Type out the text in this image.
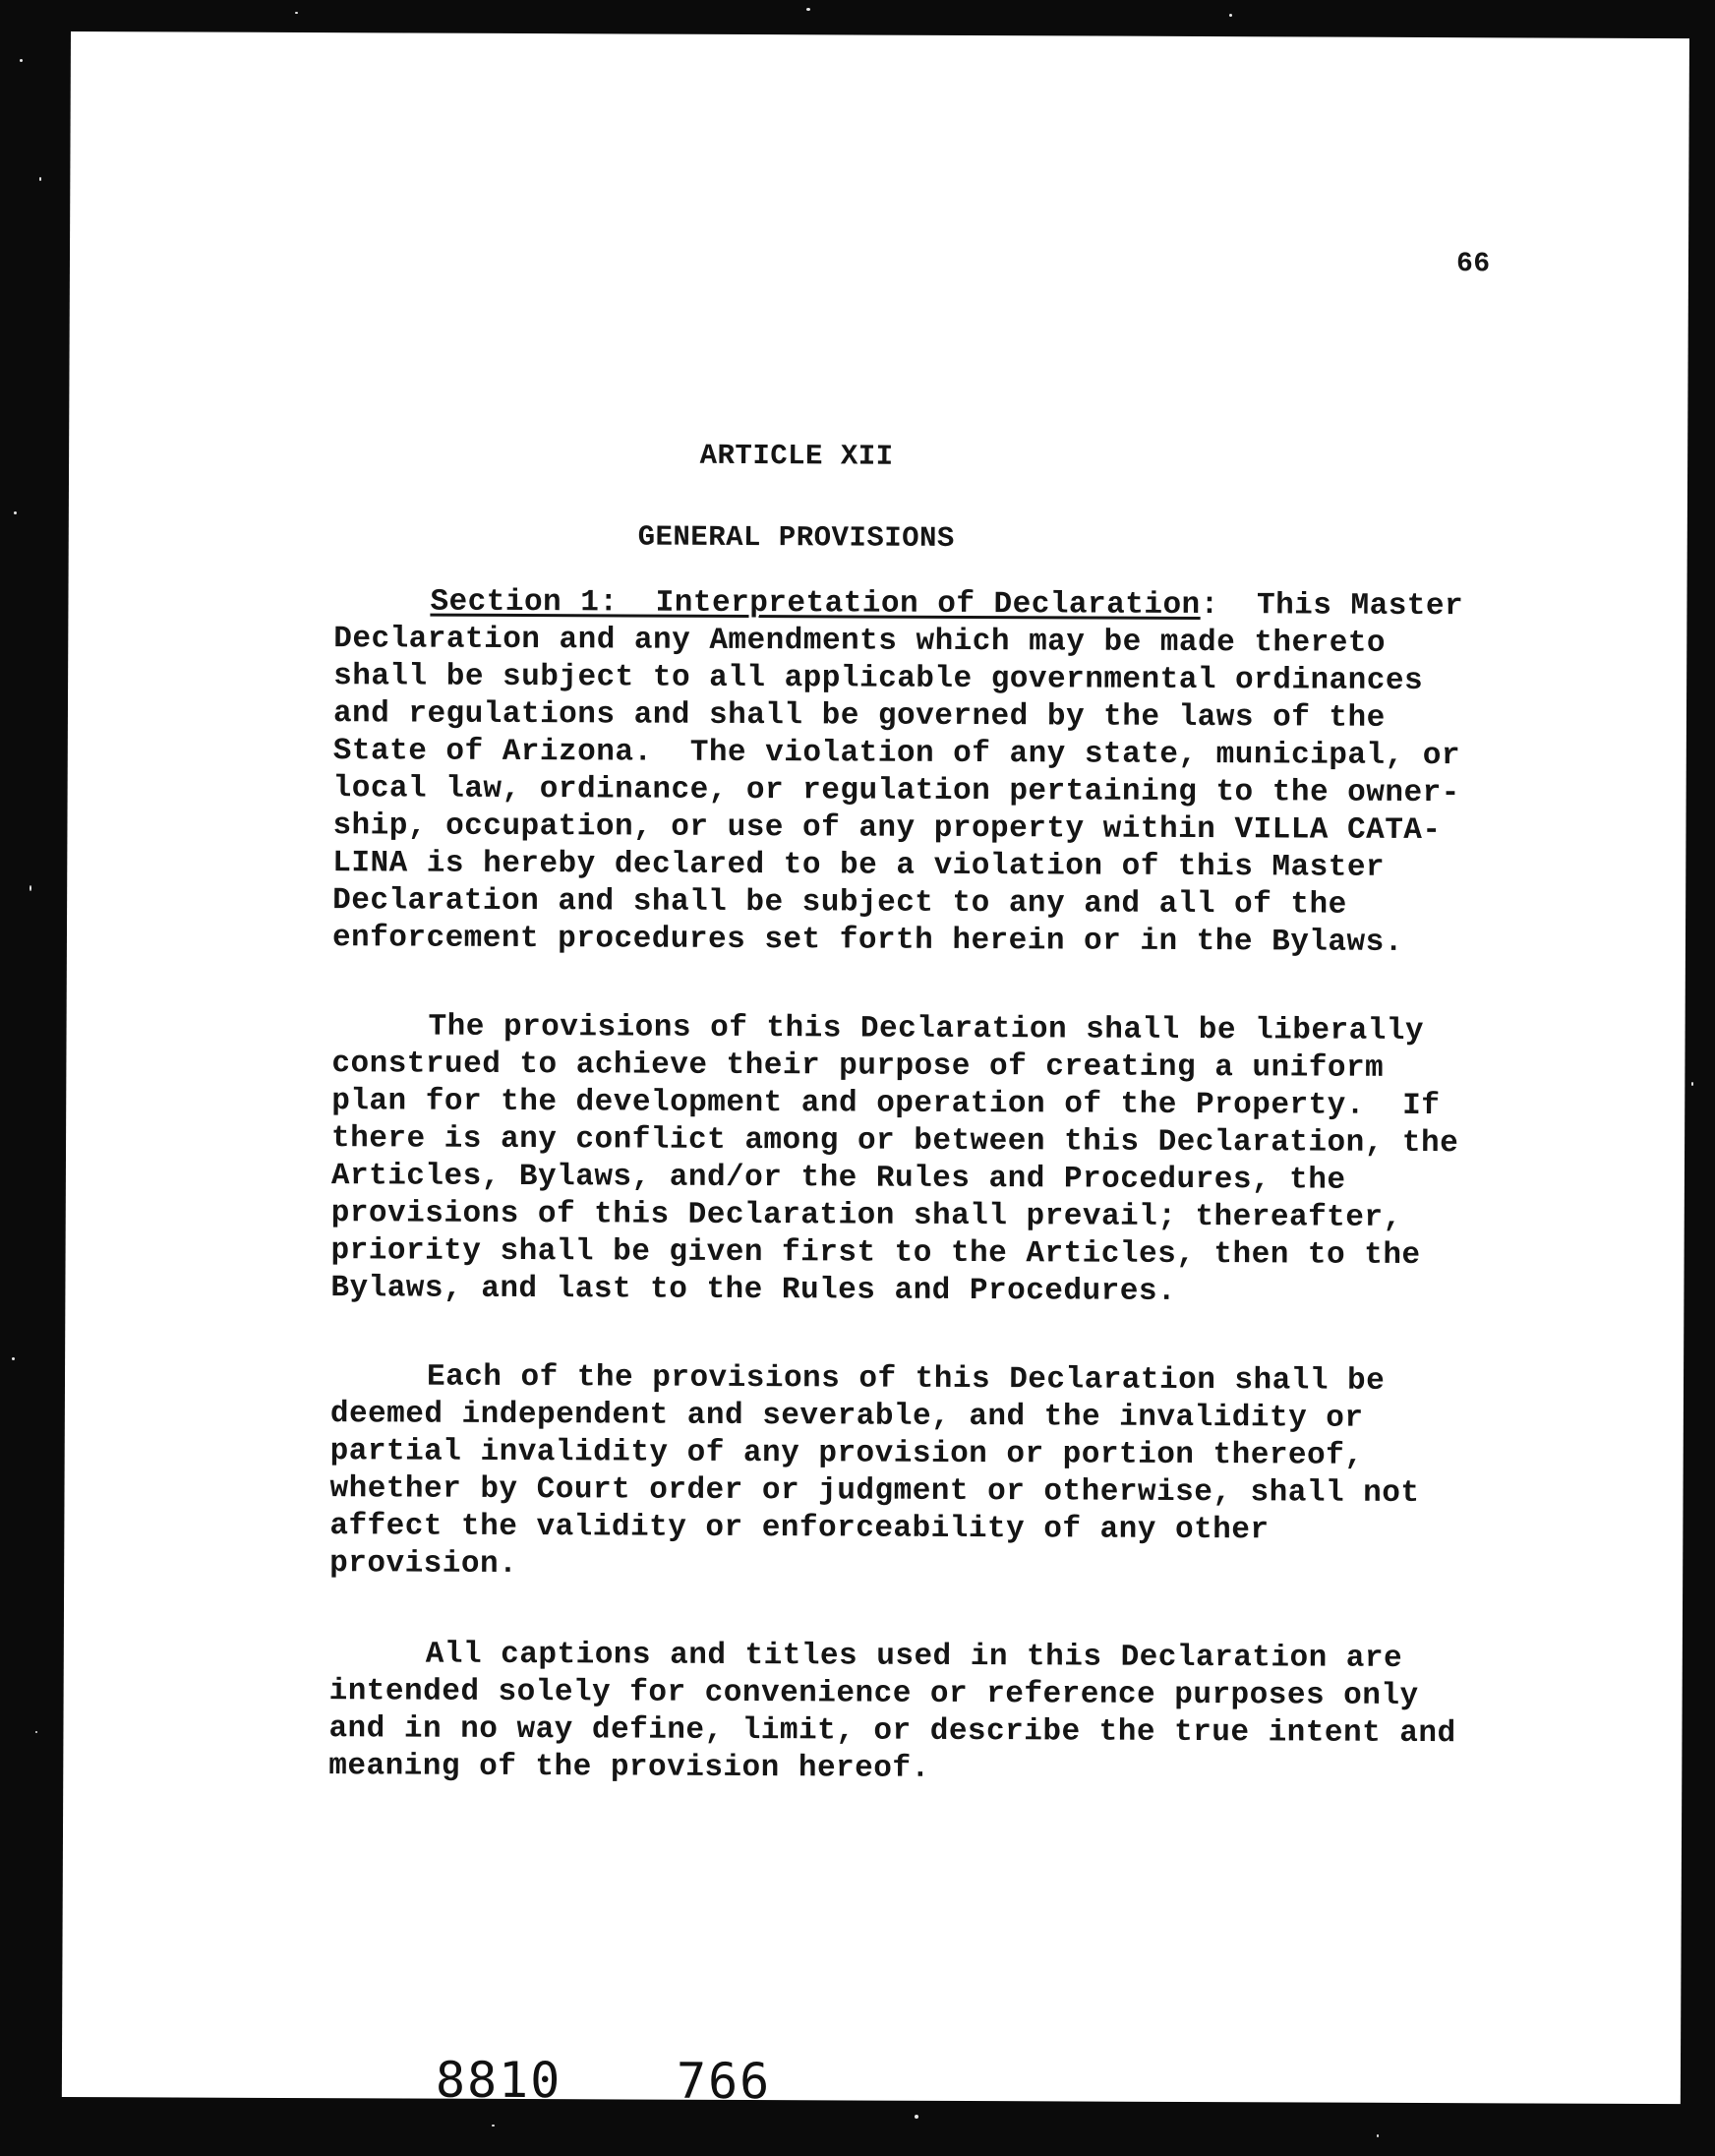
66
ARTICLE XII
GENERAL PROVISIONS

Section 1:  Interpretation of Declaration:  This Master
Declaration and any Amendments which may be made thereto
shall be subject to all applicable governmental ordinances
and regulations and shall be governed by the laws of the
State of Arizona.  The violation of any state, municipal, or
local law, ordinance, or regulation pertaining to the owner-
ship, occupation, or use of any property within VILLA CATA-
LINA is hereby declared to be a violation of this Master
Declaration and shall be subject to any and all of the
enforcement procedures set forth herein or in the Bylaws.

The provisions of this Declaration shall be liberally
construed to achieve their purpose of creating a uniform
plan for the development and operation of the Property.  If
there is any conflict among or between this Declaration, the
Articles, Bylaws, and/or the Rules and Procedures, the
provisions of this Declaration shall prevail; thereafter,
priority shall be given first to the Articles, then to the
Bylaws, and last to the Rules and Procedures.

Each of the provisions of this Declaration shall be
deemed independent and severable, and the invalidity or
partial invalidity of any provision or portion thereof,
whether by Court order or judgment or otherwise, shall not
affect the validity or enforceability of any other
provision.

All captions and titles used in this Declaration are
intended solely for convenience or reference purposes only
and in no way define, limit, or describe the true intent and
meaning of the provision hereof.

8810 766
